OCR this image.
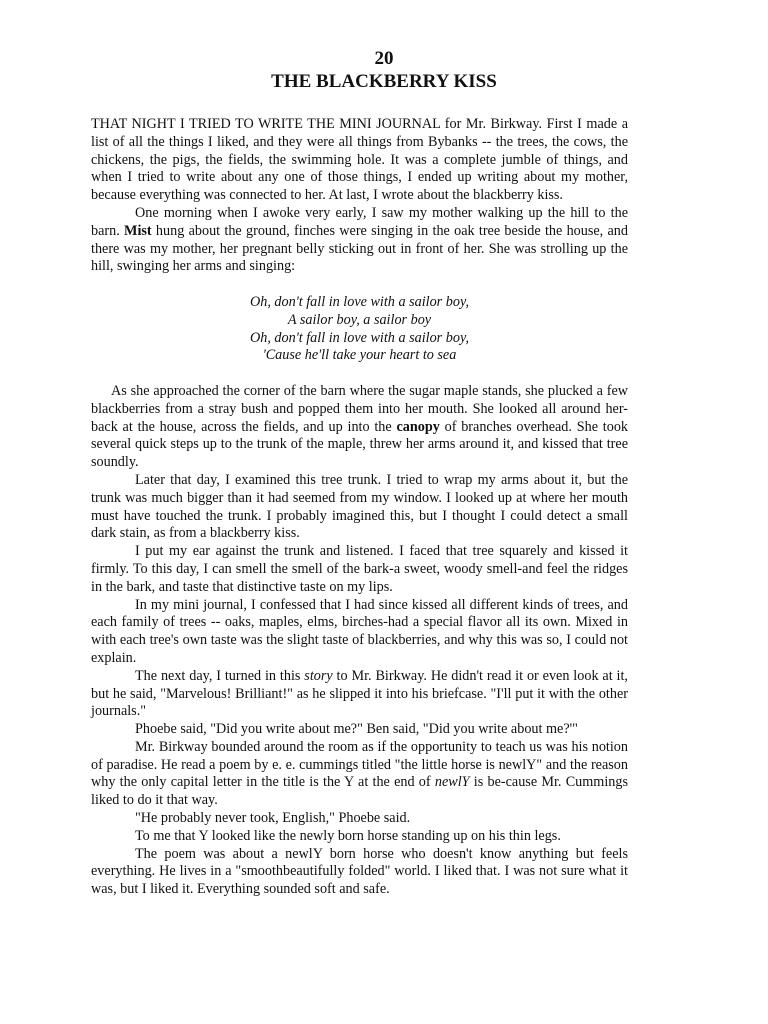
20

THE BLACKBERRY KISS

THAT NIGHT I TRIED TO WRITE THE MINI JOURNAL for Mr. Birkway. First I made a list of all the things I liked, and they were all things from Bybanks -- the trees, the cows, the chickens, the pigs, the fields, the swimming hole. It was a complete jumble of things, and when I tried to write about any one of those things, I ended up writing about my mother, because everything was connected to her. At last, I wrote about the blackberry kiss.

One morning when I awoke very early, I saw my mother walking up the hill to the barn. Mist hung about the ground, finches were singing in the oak tree beside the house, and there was my mother, her pregnant belly sticking out in front of her. She was strolling up the hill, swinging her arms and singing:

Oh, don't fall in love with a sailor boy,
A sailor boy, a sailor boy
Oh, don't fall in love with a sailor boy,
'Cause he'll take your heart to sea

As she approached the corner of the barn where the sugar maple stands, she plucked a few blackberries from a stray bush and popped them into her mouth. She looked all around her-back at the house, across the fields, and up into the canopy of branches overhead. She took several quick steps up to the trunk of the maple, threw her arms around it, and kissed that tree soundly.

Later that day, I examined this tree trunk. I tried to wrap my arms about it, but the trunk was much bigger than it had seemed from my window. I looked up at where her mouth must have touched the trunk. I probably imagined this, but I thought I could detect a small dark stain, as from a blackberry kiss.

I put my ear against the trunk and listened. I faced that tree squarely and kissed it firmly. To this day, I can smell the smell of the bark-a sweet, woody smell-and feel the ridges in the bark, and taste that distinctive taste on my lips.

In my mini journal, I confessed that I had since kissed all different kinds of trees, and each family of trees -- oaks, maples, elms, birches-had a special flavor all its own. Mixed in with each tree's own taste was the slight taste of blackberries, and why this was so, I could not explain.

The next day, I turned in this story to Mr. Birkway. He didn't read it or even look at it, but he said, "Marvelous! Brilliant!" as he slipped it into his briefcase. "I'll put it with the other journals."

Phoebe said, "Did you write about me?" Ben said, "Did you write about me?'"

Mr. Birkway bounded around the room as if the opportunity to teach us was his notion of paradise. He read a poem by e. e. cummings titled "the little horse is newlY" and the reason why the only capital letter in the title is the Y at the end of newlY is be-cause Mr. Cummings liked to do it that way.

"He probably never took, English," Phoebe said.

To me that Y looked like the newly born horse standing up on his thin legs.

The poem was about a newlY born horse who doesn't know anything but feels everything. He lives in a "smoothbeautifully folded" world. I liked that. I was not sure what it was, but I liked it. Everything sounded soft and safe.
